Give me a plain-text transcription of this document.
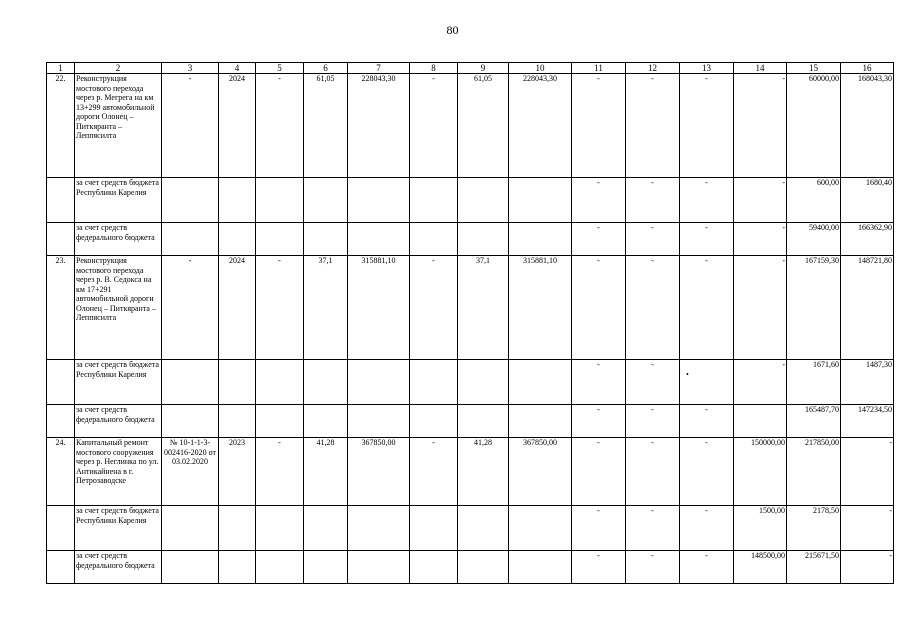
80
1	2	3	4	5	6	7	8	9	10	11	12	13	14	15	16
22.	Реконструкция мостового перехода через р. Мегрега на км 13+299 автомобильной дороги Олонец – Питкяранта – Леппясилта	-	2024	-	61,05	228043,30	-	61,05	228043,30	-	-	-	-	60000,00	168043,30
	за счет средств бюджета Республики Карелия									-	-	-	-	600,00	1680,40
	за счет средств федерального бюджета									-	-	-	-	59400,00	166362,90
23.	Реконструкция мостового перехода через р. В. Седокса на км 17+291 автомобильной дороги Олонец – Питкяранта – Леппясилта	-	2024	-	37,1	315881,10	-	37,1	315881,10	-	-	-	-	167159,30	148721,80
	за счет средств бюджета Республики Карелия									-	-		-	1671,60	1487,30
	за счет средств федерального бюджета									-	-	-		165487,70	147234,50
24.	Капитальный ремонт мостового сооружения через р. Неглинка по ул. Антикайнена в г. Петрозаводске	№ 10-1-1-3-002416-2020 от 03.02.2020	2023	-	41,28	367850,00	-	41,28	367850,00	-	-	-	150000,00	217850,00	-
	за счет средств бюджета Республики Карелия									-	-	-	1500,00	2178,50	-
	за счет средств федерального бюджета									-	-	-	148500,00	215671,50	-
•
